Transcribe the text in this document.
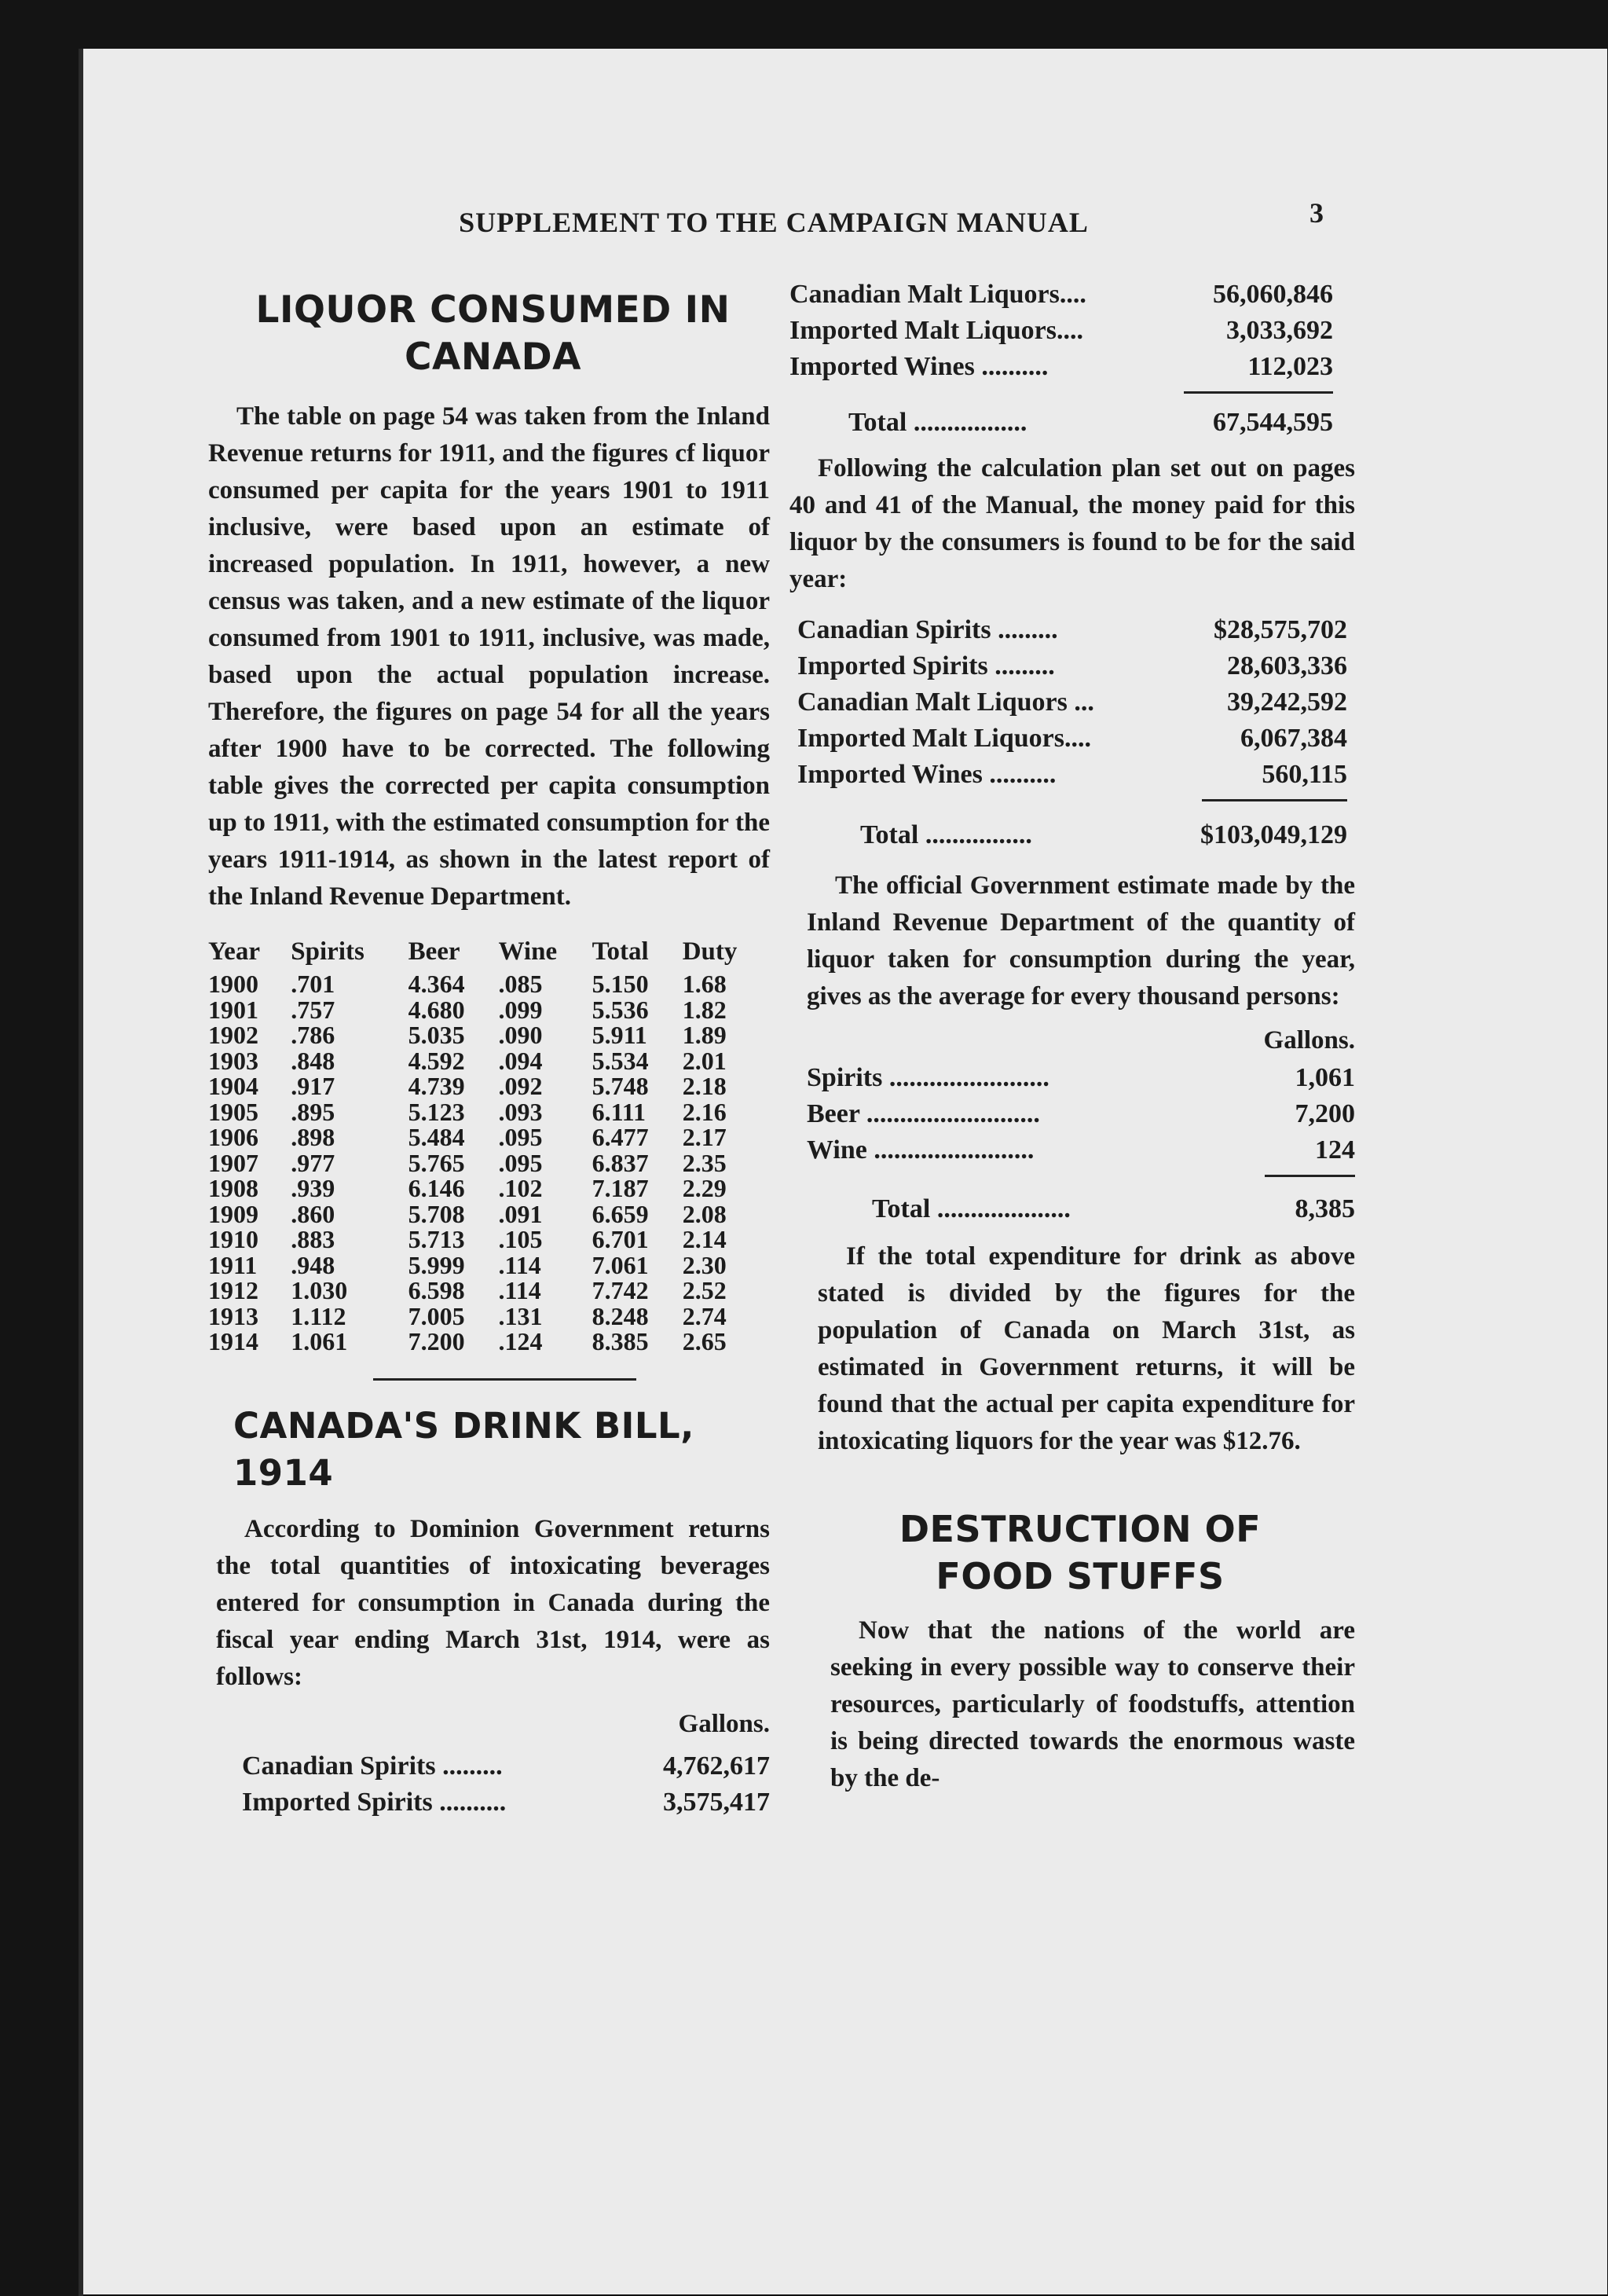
SUPPLEMENT TO THE CAMPAIGN MANUAL	3
LIQUOR CONSUMED IN CANADA

The table on page 54 was taken from the Inland Revenue returns for 1911, and the figures cf liquor consumed per capita for the years 1901 to 1911 inclusive, were based upon an estimate of increased population. In 1911, however, a new census was taken, and a new estimate of the liquor consumed from 1901 to 1911, inclusive, was made, based upon the actual population increase. Therefore, the figures on page 54 for all the years after 1900 have to be corrected. The following table gives the corrected per capita consumption up to 1911, with the estimated consumption for the years 1911-1914, as shown in the latest report of the Inland Revenue Department.

Year	Spirits	Beer	Wine	Total	Duty
1900	.701	4.364	.085	5.150	1.68
1901	.757	4.680	.099	5.536	1.82
1902	.786	5.035	.090	5.911	1.89
1903	.848	4.592	.094	5.534	2.01
1904	.917	4.739	.092	5.748	2.18
1905	.895	5.123	.093	6.111	2.16
1906	.898	5.484	.095	6.477	2.17
1907	.977	5.765	.095	6.837	2.35
1908	.939	6.146	.102	7.187	2.29
1909	.860	5.708	.091	6.659	2.08
1910	.883	5.713	.105	6.701	2.14
1911	.948	5.999	.114	7.061	2.30
1912	1.030	6.598	.114	7.742	2.52
1913	1.112	7.005	.131	8.248	2.74
1914	1.061	7.200	.124	8.385	2.65
CANADA'S DRINK BILL, 1914

According to Dominion Government returns the total quantities of intoxicating beverages entered for consumption in Canada during the fiscal year ending March 31st, 1914, were as follows:

Gallons.
Canadian Spirits .........	4,762,617
Imported Spirits ..........	3,575,417
Canadian Malt Liquors....	56,060,846
Imported Malt Liquors....	3,033,692
Imported Wines ..........	112,023
Total .................	67,544,595

Following the calculation plan set out on pages 40 and 41 of the Manual, the money paid for this liquor by the consumers is found to be for the said year:

Canadian Spirits .........	$28,575,702
Imported Spirits .........	28,603,336
Canadian Malt Liquors ...	39,242,592
Imported Malt Liquors....	6,067,384
Imported Wines ..........	560,115
Total ................	$103,049,129

The official Government estimate made by the Inland Revenue Department of the quantity of liquor taken for consumption during the year, gives as the average for every thousand persons:

Gallons.
Spirits ........................	1,061
Beer ..........................	7,200
Wine ........................	124
Total ....................	8,385

If the total expenditure for drink as above stated is divided by the figures for the population of Canada on March 31st, as estimated in Government returns, it will be found that the actual per capita expenditure for intoxicating liquors for the year was $12.76.

DESTRUCTION OF FOOD STUFFS

Now that the nations of the world are seeking in every possible way to conserve their resources, particularly of foodstuffs, attention is being directed towards the enormous waste by the de-
